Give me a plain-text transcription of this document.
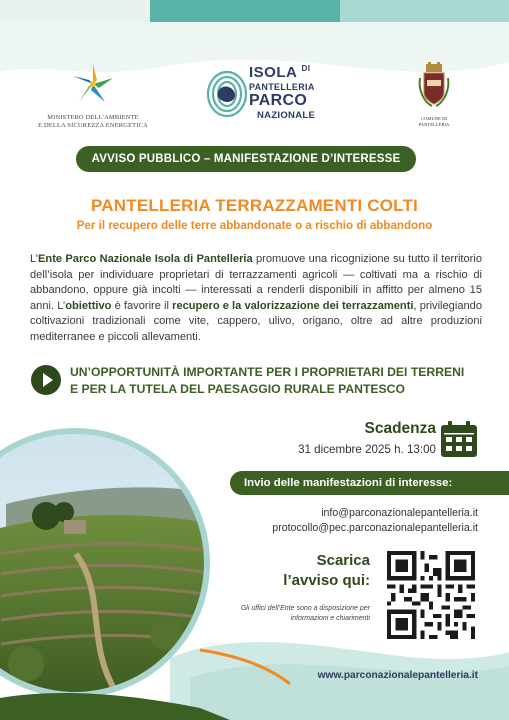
MINISTERO DELL'AMBIENTE
E DELLA SICUREZZA ENERGETICA
ISOLA $^{DI}$
PANTELLERIA
PARCO
NAZIONALE	COMUNE DI
PANTELLERIA
AVVISO PUBBLICO – MANIFESTAZIONE D’INTERESSE
PANTELLERIA TERRAZZAMENTI COLTI
Per il recupero delle terre abbandonate o a rischio di abbandono
L’Ente Parco Nazionale Isola di Pantelleria promuove una ricognizione su tutto il territorio dell’isola per individuare proprietari di terrazzamenti agricoli — coltivati ma a rischio di abbandono, oppure già incolti — interessati a renderli disponibili in affitto per almeno 15 anni. L’obiettivo è favorire il recupero e la valorizzazione dei terrazzamenti, privilegiando coltivazioni tradizionali come vite, cappero, ulivo, origano, oltre ad altre produzioni mediterranee e piccoli allevamenti.
UN’OPPORTUNITÀ IMPORTANTE PER I PROPRIETARI DEI TERRENI
E PER LA TUTELA DEL PAESAGGIO RURALE PANTESCO
Scadenza
31 dicembre 2025 h. 13:00
Invio delle manifestazioni di interesse:
info@parconazionalepantelleria.it
protocollo@pec.parconazionalepantelleria.it
Scarica
l’avviso qui:
Gli uffici dell’Ente sono a disposizione per informazioni e chiarimenti
www.parconazionalepantelleria.it
